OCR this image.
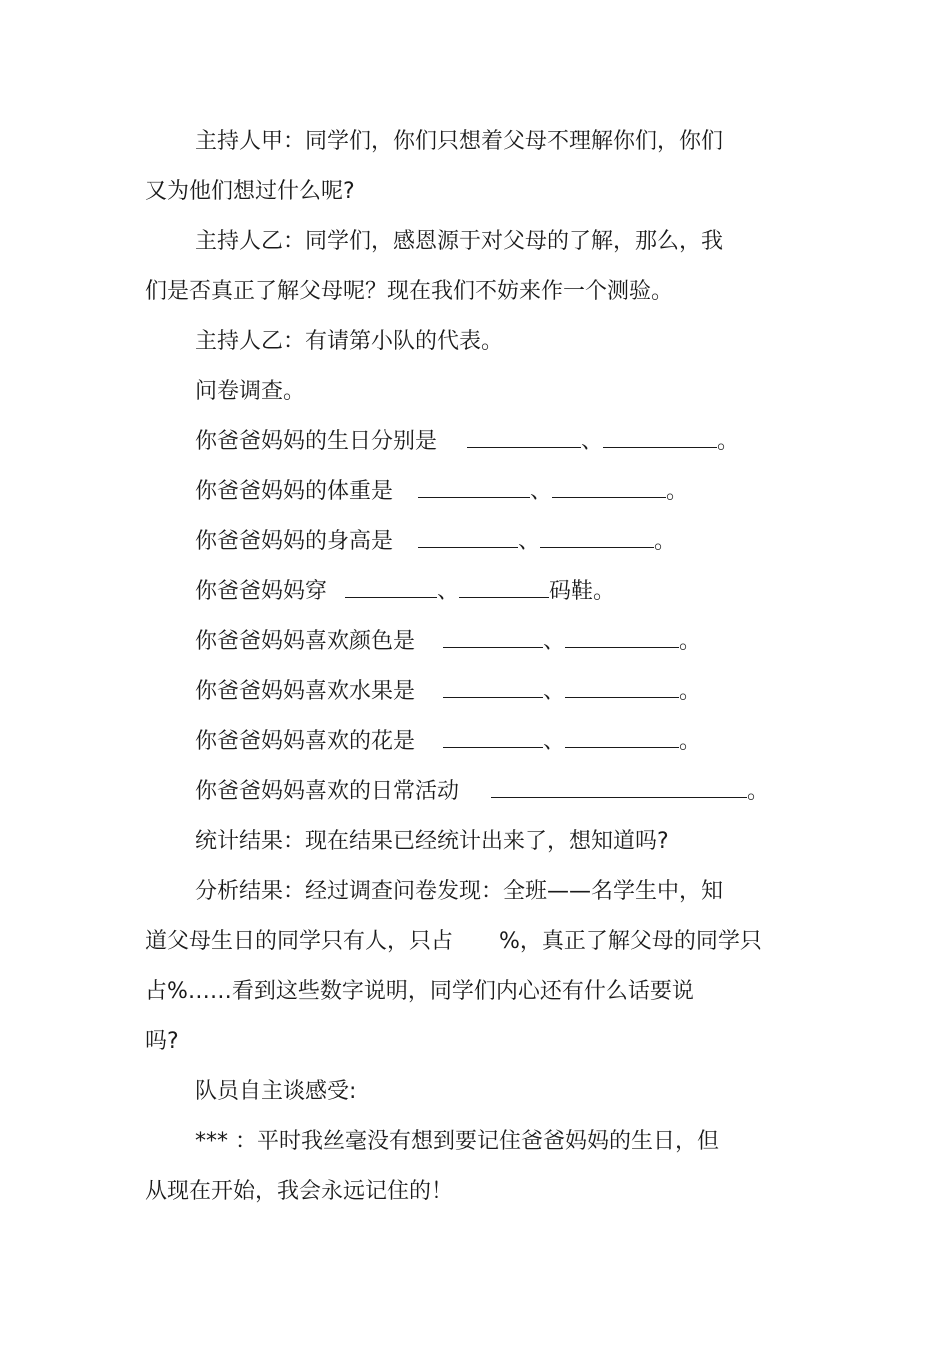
主持人甲：同学们，你们只想着父母不理解你们，你们
又为他们想过什么呢?
主持人乙：同学们，感恩源于对父母的了解，那么，我
们是否真正了解父母呢？现在我们不妨来作一个测验。
主持人乙：有请第小队的代表。
问卷调查。
你爸爸妈妈的生日分别是	、	。
你爸爸妈妈的体重是	、	。
你爸爸妈妈的身高是	、	。
你爸爸妈妈穿	、	码鞋。
你爸爸妈妈喜欢颜色是	、	。
你爸爸妈妈喜欢水果是	、	。
你爸爸妈妈喜欢的花是	、	。
你爸爸妈妈喜欢的日常活动	。
统计结果：现在结果已经统计出来了，想知道吗?
分析结果：经过调查问卷发现：全班——名学生中，知
道父母生日的同学只有人，只占 %，真正了解父母的同学只
占%……看到这些数字说明，同学们内心还有什么话要说
吗?
队员自主谈感受:
*** ：平时我丝毫没有想到要记住爸爸妈妈的生日，但
从现在开始，我会永远记住的！
